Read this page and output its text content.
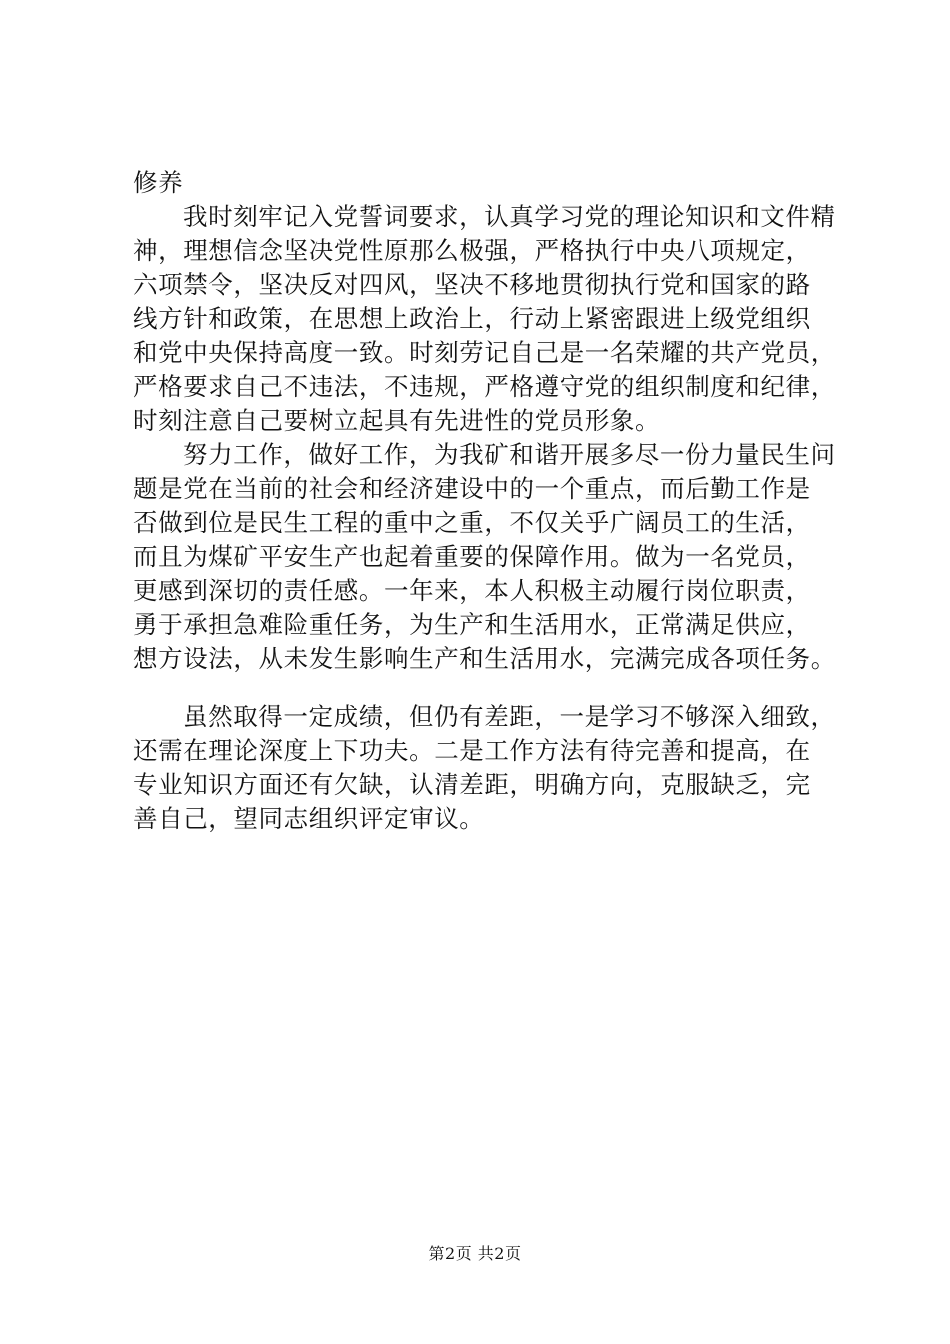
修养
我时刻牢记入党誓词要求，认真学习党的理论知识和文件精
神，理想信念坚决党性原那么极强，严格执行中央八项规定，
六项禁令，坚决反对四风，坚决不移地贯彻执行党和国家的路
线方针和政策，在思想上政治上，行动上紧密跟进上级党组织
和党中央保持高度一致。时刻劳记自己是一名荣耀的共产党员，
严格要求自己不违法，不违规，严格遵守党的组织制度和纪律，
时刻注意自己要树立起具有先进性的党员形象。
努力工作，做好工作，为我矿和谐开展多尽一份力量民生问
题是党在当前的社会和经济建设中的一个重点，而后勤工作是
否做到位是民生工程的重中之重，不仅关乎广阔员工的生活，
而且为煤矿平安生产也起着重要的保障作用。做为一名党员，
更感到深切的责任感。一年来，本人积极主动履行岗位职责，
勇于承担急难险重任务，为生产和生活用水，正常满足供应，
想方设法，从未发生影响生产和生活用水，完满完成各项任务。
虽然取得一定成绩，但仍有差距，一是学习不够深入细致，
还需在理论深度上下功夫。二是工作方法有待完善和提高，在
专业知识方面还有欠缺，认清差距，明确方向，克服缺乏，完
善自己，望同志组织评定审议。
第2页 共2页
